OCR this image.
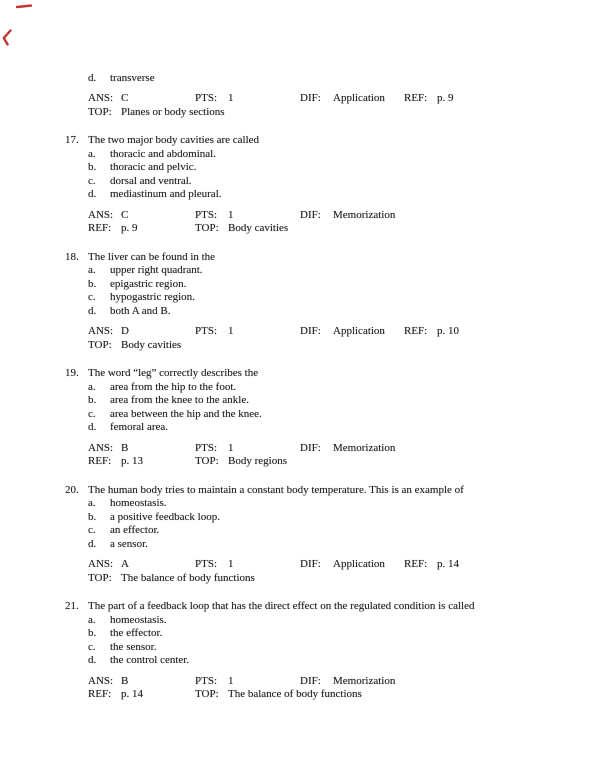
d. transverse
ANS: C	PTS: 1	DIF: Application REF: p. 9
TOP: Planes or body sections
17. The two major body cavities are called
a. thoracic and abdominal.
b. thoracic and pelvic.
c. dorsal and ventral.
d. mediastinum and pleural.
ANS: C	PTS: 1	DIF: Memorization
REF: p. 9	TOP: Body cavities
18. The liver can be found in the
a. upper right quadrant.
b. epigastric region.
c. hypogastric region.
d. both A and B.
ANS: D	PTS: 1	DIF: Application REF: p. 10
TOP: Body cavities
19. The word “leg” correctly describes the
a. area from the hip to the foot.
b. area from the knee to the ankle.
c. area between the hip and the knee.
d. femoral area.
ANS: B	PTS: 1	DIF: Memorization
REF: p. 13	TOP: Body regions
20. The human body tries to maintain a constant body temperature. This is an example of
a. homeostasis.
b. a positive feedback loop.
c. an effector.
d. a sensor.
ANS: A	PTS: 1	DIF: Application REF: p. 14
TOP: The balance of body functions
21. The part of a feedback loop that has the direct effect on the regulated condition is called
a. homeostasis.
b. the effector.
c. the sensor.
d. the control center.
ANS: B	PTS: 1	DIF: Memorization
REF: p. 14	TOP: The balance of body functions
